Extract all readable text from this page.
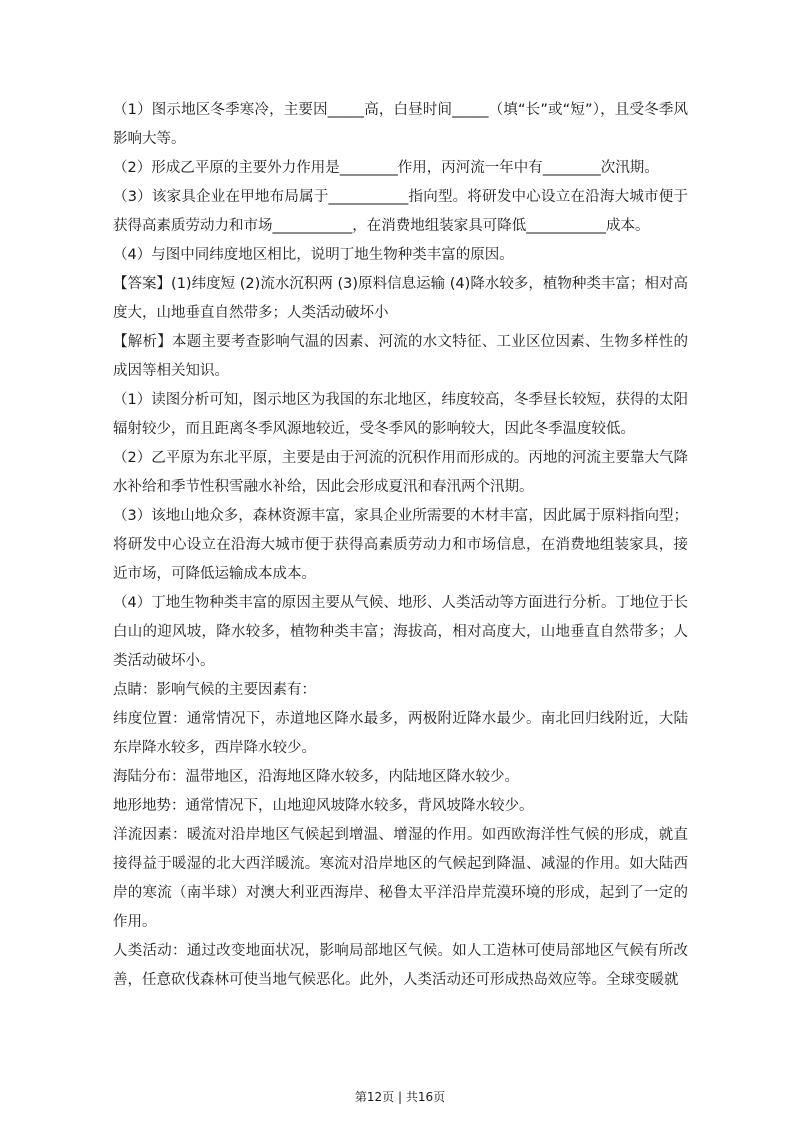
（1）图示地区冬季寒冷，主要因_____高，白昼时间_____（填“长”或“短”），且受冬季风影响大等。

（2）形成乙平原的主要外力作用是________作用，丙河流一年中有________次汛期。

（3）该家具企业在甲地布局属于___________指向型。将研发中心设立在沿海大城市便于获得高素质劳动力和市场___________，在消费地组装家具可降低___________成本。

（4）与图中同纬度地区相比，说明丁地生物种类丰富的原因。

【答案】(1)纬度短 (2)流水沉积两 (3)原料信息运输 (4)降水较多，植物种类丰富；相对高度大，山地垂直自然带多；人类活动破坏小

【解析】本题主要考查影响气温的因素、河流的水文特征、工业区位因素、生物多样性的成因等相关知识。

（1）读图分析可知，图示地区为我国的东北地区，纬度较高，冬季昼长较短，获得的太阳辐射较少，而且距离冬季风源地较近，受冬季风的影响较大，因此冬季温度较低。

（2）乙平原为东北平原，主要是由于河流的沉积作用而形成的。丙地的河流主要靠大气降水补给和季节性积雪融水补给，因此会形成夏汛和春汛两个汛期。

（3）该地山地众多，森林资源丰富，家具企业所需要的木材丰富，因此属于原料指向型；将研发中心设立在沿海大城市便于获得高素质劳动力和市场信息，在消费地组装家具，接近市场，可降低运输成本成本。

（4）丁地生物种类丰富的原因主要从气候、地形、人类活动等方面进行分析。丁地位于长白山的迎风坡，降水较多，植物种类丰富；海拔高，相对高度大，山地垂直自然带多；人类活动破坏小。

点睛：影响气候的主要因素有：

纬度位置：通常情况下，赤道地区降水最多，两极附近降水最少。南北回归线附近，大陆东岸降水较多，西岸降水较少。

海陆分布：温带地区，沿海地区降水较多，内陆地区降水较少。

地形地势：通常情况下，山地迎风坡降水较多，背风坡降水较少。

洋流因素：暖流对沿岸地区气候起到增温、增湿的作用。如西欧海洋性气候的形成，就直接得益于暖湿的北大西洋暖流。寒流对沿岸地区的气候起到降温、减湿的作用。如大陆西岸的寒流（南半球）对澳大利亚西海岸、秘鲁太平洋沿岸荒漠环境的形成，起到了一定的作用。

人类活动：通过改变地面状况，影响局部地区气候。如人工造林可使局部地区气候有所改善，任意砍伐森林可使当地气候恶化。此外，人类活动还可形成热岛效应等。全球变暖就

第12页 | 共16页
